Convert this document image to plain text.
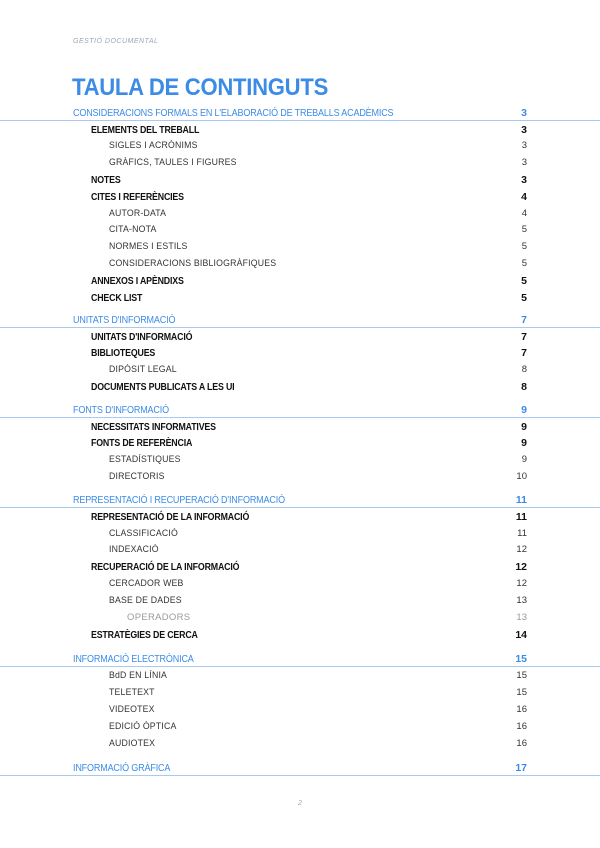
GESTIÓ DOCUMENTAL
TAULA DE CONTINGUTS
CONSIDERACIONS FORMALS EN L'ELABORACIÓ DE TREBALLS ACADÈMICS	3
ELEMENTS DEL TREBALL	3
SIGLES I ACRÒNIMS	3
GRÀFICS, TAULES I FIGURES	3
NOTES	3
CITES I REFERÈNCIES	4
AUTOR-DATA	4
CITA-NOTA	5
NORMES I ESTILS	5
CONSIDERACIONS BIBLIOGRÀFIQUES	5
ANNEXOS I APÈNDIXS	5
CHECK LIST	5
UNITATS D'INFORMACIÓ	7
UNITATS D'INFORMACIÓ	7
BIBLIOTEQUES	7
DIPÒSIT LEGAL	8
DOCUMENTS PUBLICATS A LES UI	8
FONTS D'INFORMACIÓ	9
NECESSITATS INFORMATIVES	9
FONTS DE REFERÈNCIA	9
ESTADÍSTIQUES	9
DIRECTORIS	10
REPRESENTACIÓ I RECUPERACIÓ D'INFORMACIÓ	11
REPRESENTACIÓ DE LA INFORMACIÓ	11
CLASSIFICACIÓ	11
INDEXACIÓ	12
RECUPERACIÓ DE LA INFORMACIÓ	12
CERCADOR WEB	12
BASE DE DADES	13
OPERADORS	13
ESTRATÈGIES DE CERCA	14
INFORMACIÓ ELECTRÒNICA	15
BdD EN LÍNIA	15
TELETEXT	15
VIDEOTEX	16
EDICIÓ ÒPTICA	16
AUDIOTEX	16
INFORMACIÓ GRÀFICA	17
2
